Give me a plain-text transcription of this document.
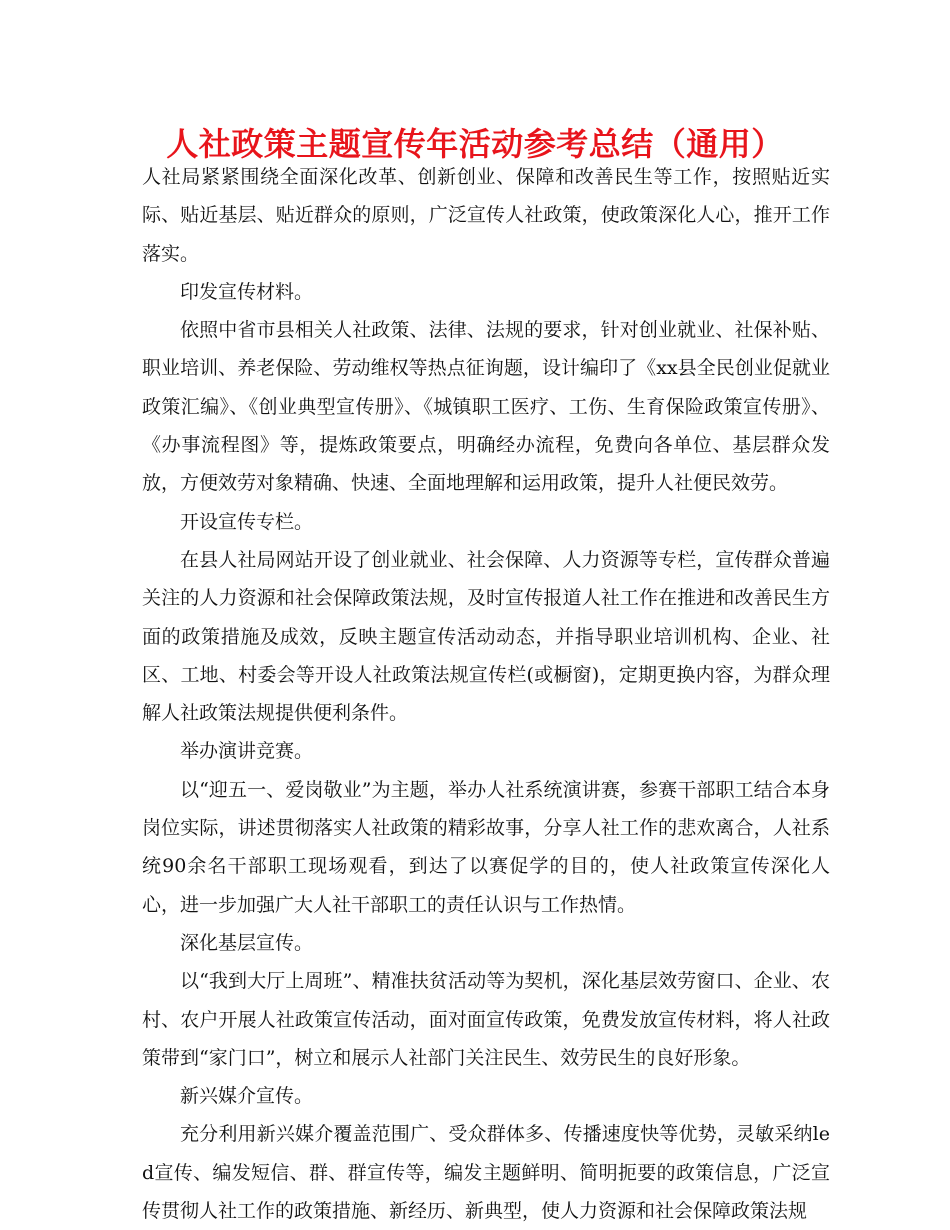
人社政策主题宣传年活动参考总结（通用）

人社局紧紧围绕全面深化改革、创新创业、保障和改善民生等工作，按照贴近实际、贴近基层、贴近群众的原则，广泛宣传人社政策，使政策深化人心，推开工作落实。

印发宣传材料。

依照中省市县相关人社政策、法律、法规的要求，针对创业就业、社保补贴、职业培训、养老保险、劳动维权等热点征询题，设计编印了《xx县全民创业促就业政策汇编》、《创业典型宣传册》、《城镇职工医疗、工伤、生育保险政策宣传册》、《办事流程图》等，提炼政策要点，明确经办流程，免费向各单位、基层群众发放，方便效劳对象精确、快速、全面地理解和运用政策，提升人社便民效劳。

开设宣传专栏。

在县人社局网站开设了创业就业、社会保障、人力资源等专栏，宣传群众普遍关注的人力资源和社会保障政策法规，及时宣传报道人社工作在推进和改善民生方面的政策措施及成效，反映主题宣传活动动态，并指导职业培训机构、企业、社区、工地、村委会等开设人社政策法规宣传栏(或橱窗)，定期更换内容，为群众理解人社政策法规提供便利条件。

举办演讲竞赛。

以“迎五一、爱岗敬业”为主题，举办人社系统演讲赛，参赛干部职工结合本身岗位实际，讲述贯彻落实人社政策的精彩故事，分享人社工作的悲欢离合，人社系统90余名干部职工现场观看，到达了以赛促学的目的，使人社政策宣传深化人心，进一步加强广大人社干部职工的责任认识与工作热情。

深化基层宣传。

以“我到大厅上周班”、精准扶贫活动等为契机，深化基层效劳窗口、企业、农村、农户开展人社政策宣传活动，面对面宣传政策，免费发放宣传材料，将人社政策带到“家门口”，树立和展示人社部门关注民生、效劳民生的良好形象。

新兴媒介宣传。

充分利用新兴媒介覆盖范围广、受众群体多、传播速度快等优势，灵敏采纳led宣传、编发短信、群、群宣传等，编发主题鲜明、简明扼要的政策信息，广泛宣传贯彻人社工作的政策措施、新经历、新典型，使人力资源和社会保障政策法规
